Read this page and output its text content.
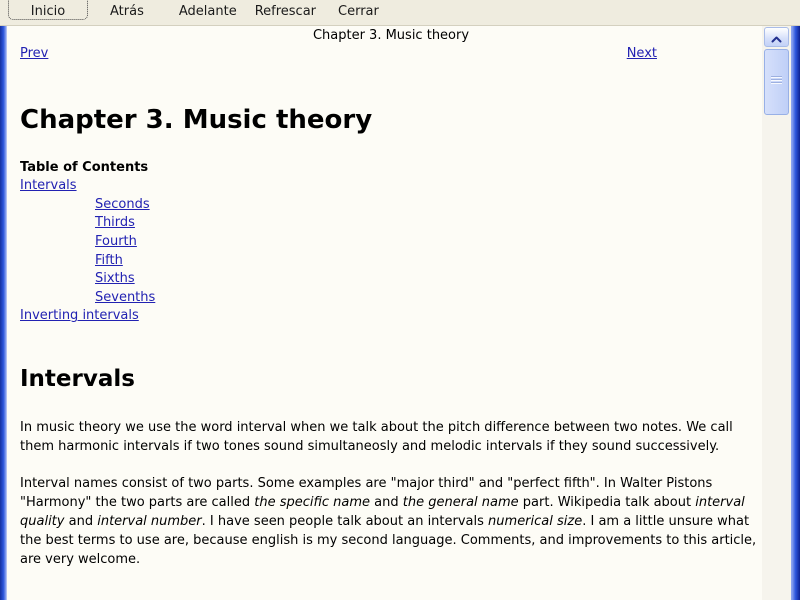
Inicio	Atrás	Adelante Refrescar Cerrar
Chapter 3. Music theory
Prev	Next
Chapter 3. Music theory
Table of Contents
Intervals
Seconds
Thirds
Fourth
Fifth
Sixths
Sevenths
Inverting intervals
Intervals

In music theory we use the word interval when we talk about the pitch difference between two notes. We call them harmonic intervals if two tones sound simultaneosly and melodic intervals if they sound successively.

Interval names consist of two parts. Some examples are "major third" and "perfect fifth". In Walter Pistons "Harmony" the two parts are called the specific name and the general name part. Wikipedia talk about interval quality and interval number. I have seen people talk about an intervals numerical size. I am a little unsure what the best terms to use are, because english is my second language. Comments, and improvements to this article, are very welcome.
